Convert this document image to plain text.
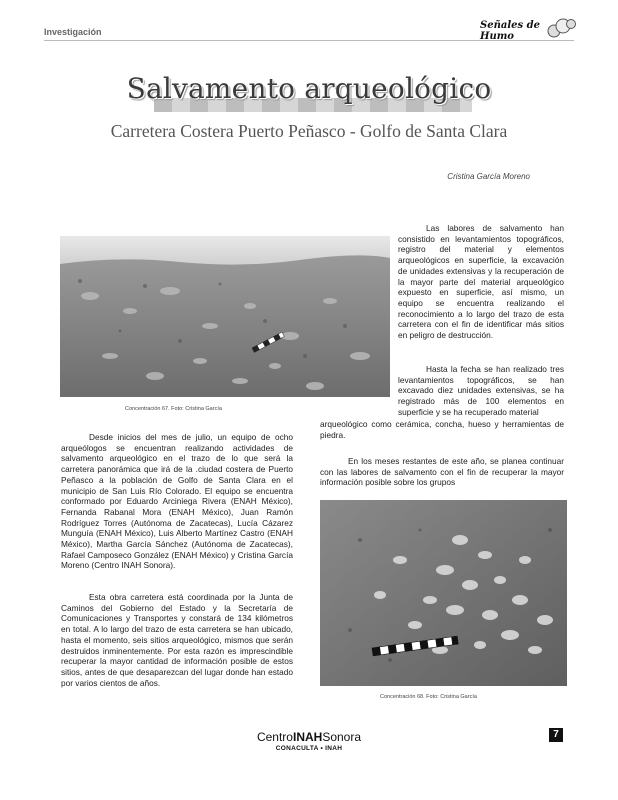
Investigación
Señales de Humo
Salvamento arqueológico
Carretera Costera Puerto Peñasco - Golfo de Santa Clara
Cristina García Moreno
Concentración 67. Foto: Cristina García

Las labores de salvamento han consistido en levantamientos topográficos, registro del material y elementos arqueológicos en superficie, la excavación de unidades extensivas y la recuperación de la mayor parte del material arqueológico expuesto en superficie, así mismo, un equipo se encuentra realizando el reconocimiento a lo largo del trazo de esta carretera con el fin de identificar más sitios en peligro de destrucción.

Hasta la fecha se han realizado tres levantamientos topográficos, se han excavado diez unidades extensivas, se ha registrado más de 100 elementos en superficie y se ha recuperado material

arqueológico como cerámica, concha, hueso y herramientas de piedra.

En los meses restantes de este año, se planea continuar con las labores de salvamento con el fin de recuperar la mayor información posible sobre los grupos

Desde inicios del mes de julio, un equipo de ocho arqueólogos se encuentran realizando actividades de salvamento arqueológico en el trazo de lo que será la carretera panorámica que irá de la .ciudad costera de Puerto Peñasco a la población de Golfo de Santa Clara en el municipio de San Luis Río Colorado. El equipo se encuentra conformado por Eduardo Arciniega Rivera (ENAH México), Fernanda Rabanal Mora (ENAH México), Juan Ramón Rodríguez Torres (Autónoma de Zacatecas), Lucía Cázarez Munguía (ENAH México), Luis Alberto Martínez Castro (ENAH México), Martha García Sánchez (Autónoma de Zacatecas), Rafael Camposeco González (ENAH México) y Cristina García Moreno (Centro INAH Sonora).

Esta obra carretera está coordinada por la Junta de Caminos del Gobierno del Estado y la Secretaría de Comunicaciones y Transportes y constará de 134 kilómetros en total. A lo largo del trazo de esta carretera se han ubicado, hasta el momento, seis sitios arqueológico, mismos que serán destruidos inminentemente. Por esta razón es imprescindible recuperar la mayor cantidad de información posible de estos sitios, antes de que desaparezcan del lugar donde han estado por varios cientos de años.

Concentración 68. Foto: Cristina García
CentroINAHSonora
CONACULTA • INAH
7
